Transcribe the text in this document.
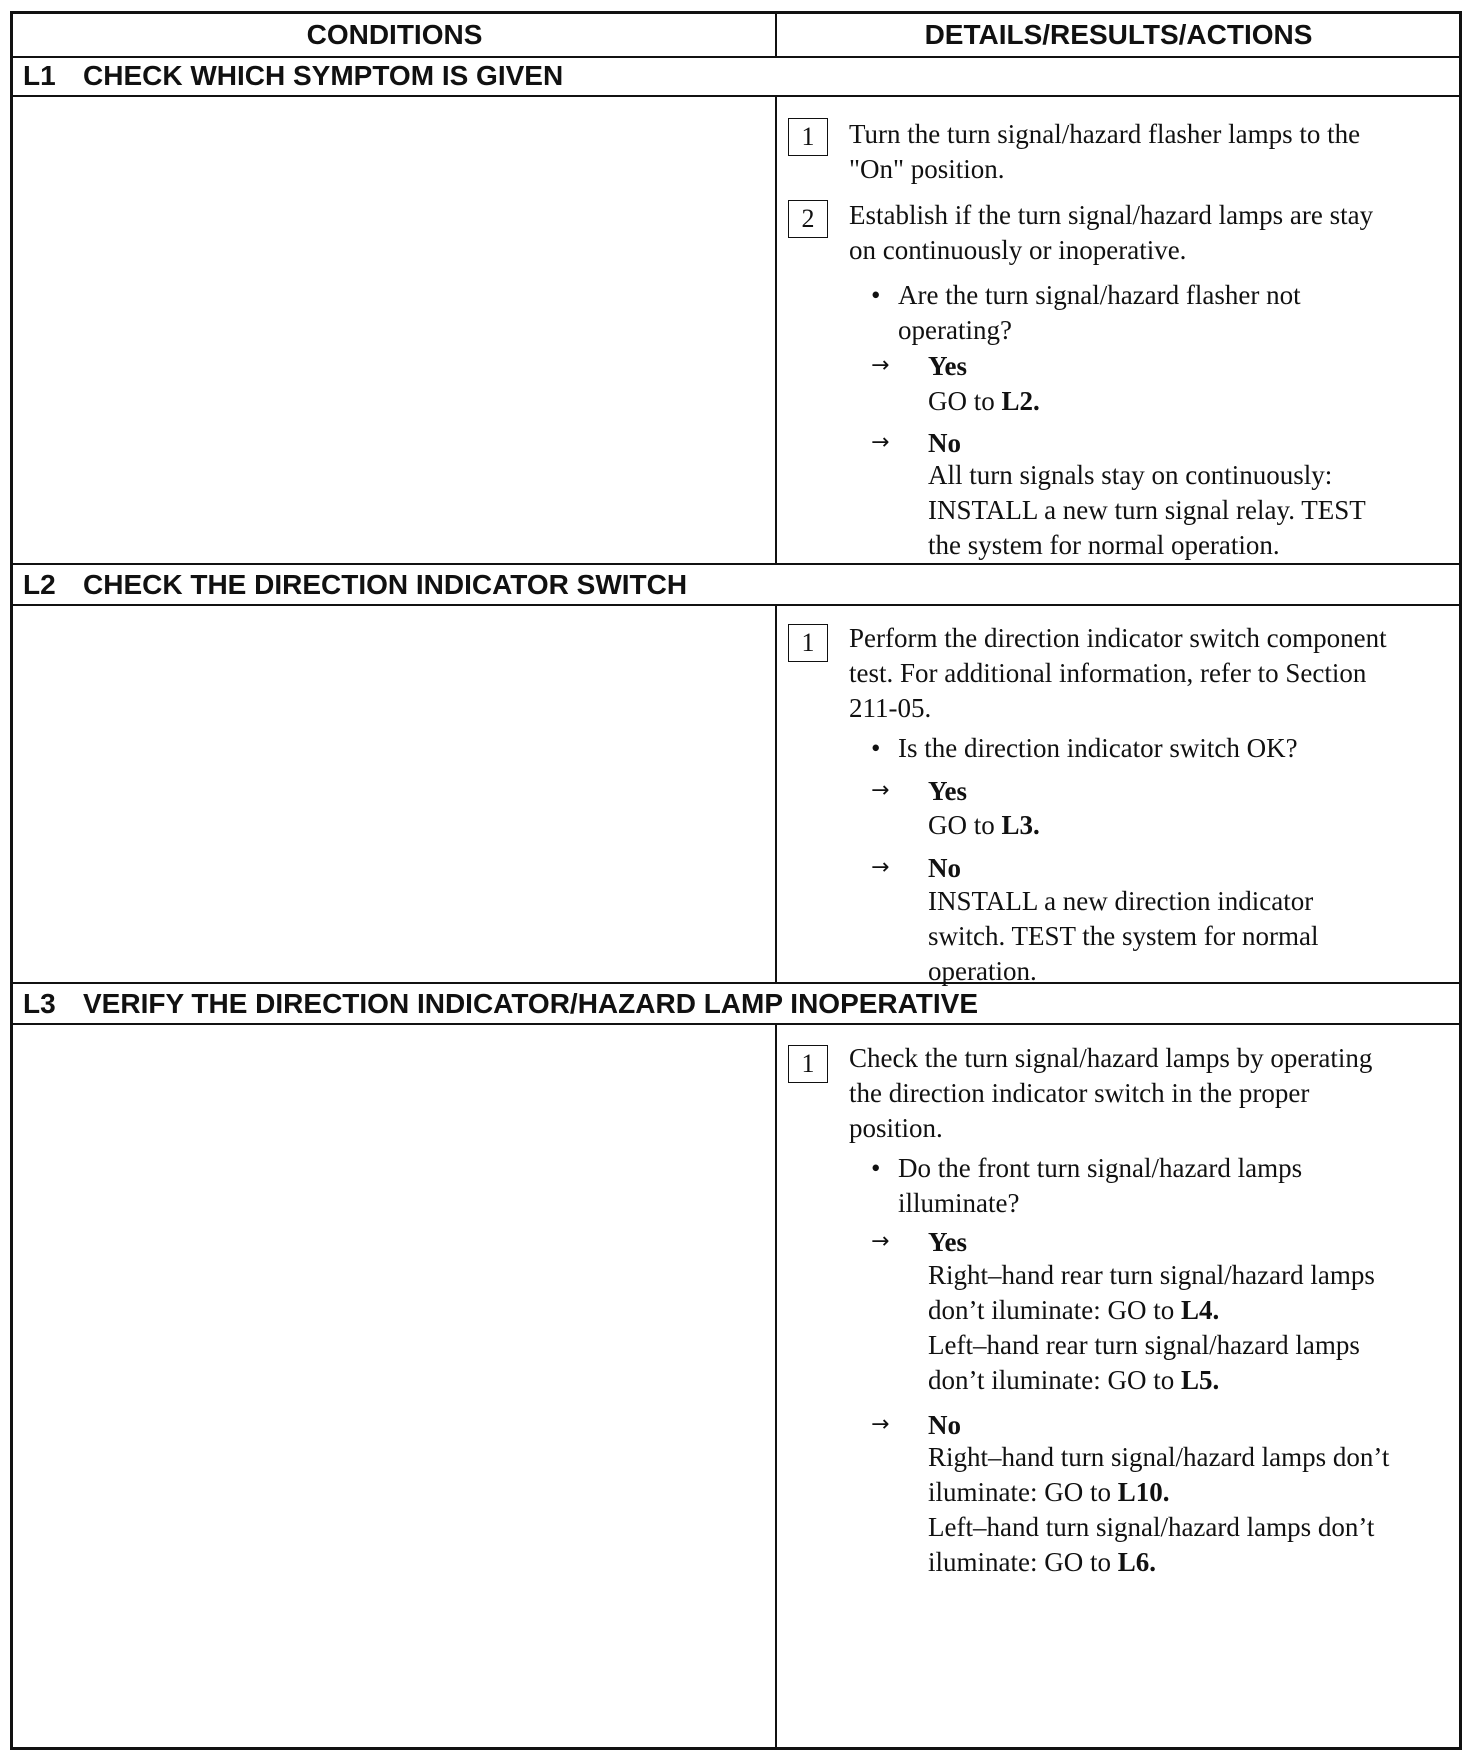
CONDITIONS	DETAILS/RESULTS/ACTIONS
L1 CHECK WHICH SYMPTOM IS GIVEN
1	Turn the turn signal/hazard flasher lamps to the
"On" position.
2	Establish if the turn signal/hazard lamps are stay
on continuously or inoperative.
• Are the turn signal/hazard flasher not
operating?
→ Yes
GO to L2.
→ No
All turn signals stay on continuously:
INSTALL a new turn signal relay. TEST
the system for normal operation.
L2 CHECK THE DIRECTION INDICATOR SWITCH
1	Perform the direction indicator switch component
test. For additional information, refer to Section
211-05.
• Is the direction indicator switch OK?
→ Yes
GO to L3.
→ No
INSTALL a new direction indicator
switch. TEST the system for normal
operation.
L3 VERIFY THE DIRECTION INDICATOR/HAZARD LAMP INOPERATIVE
1	Check the turn signal/hazard lamps by operating
the direction indicator switch in the proper
position.
• Do the front turn signal/hazard lamps
illuminate?
→ Yes
Right–hand rear turn signal/hazard lamps
don’t iluminate: GO to L4.
Left–hand rear turn signal/hazard lamps
don’t iluminate: GO to L5.
→ No
Right–hand turn signal/hazard lamps don’t
iluminate: GO to L10.
Left–hand turn signal/hazard lamps don’t
iluminate: GO to L6.
